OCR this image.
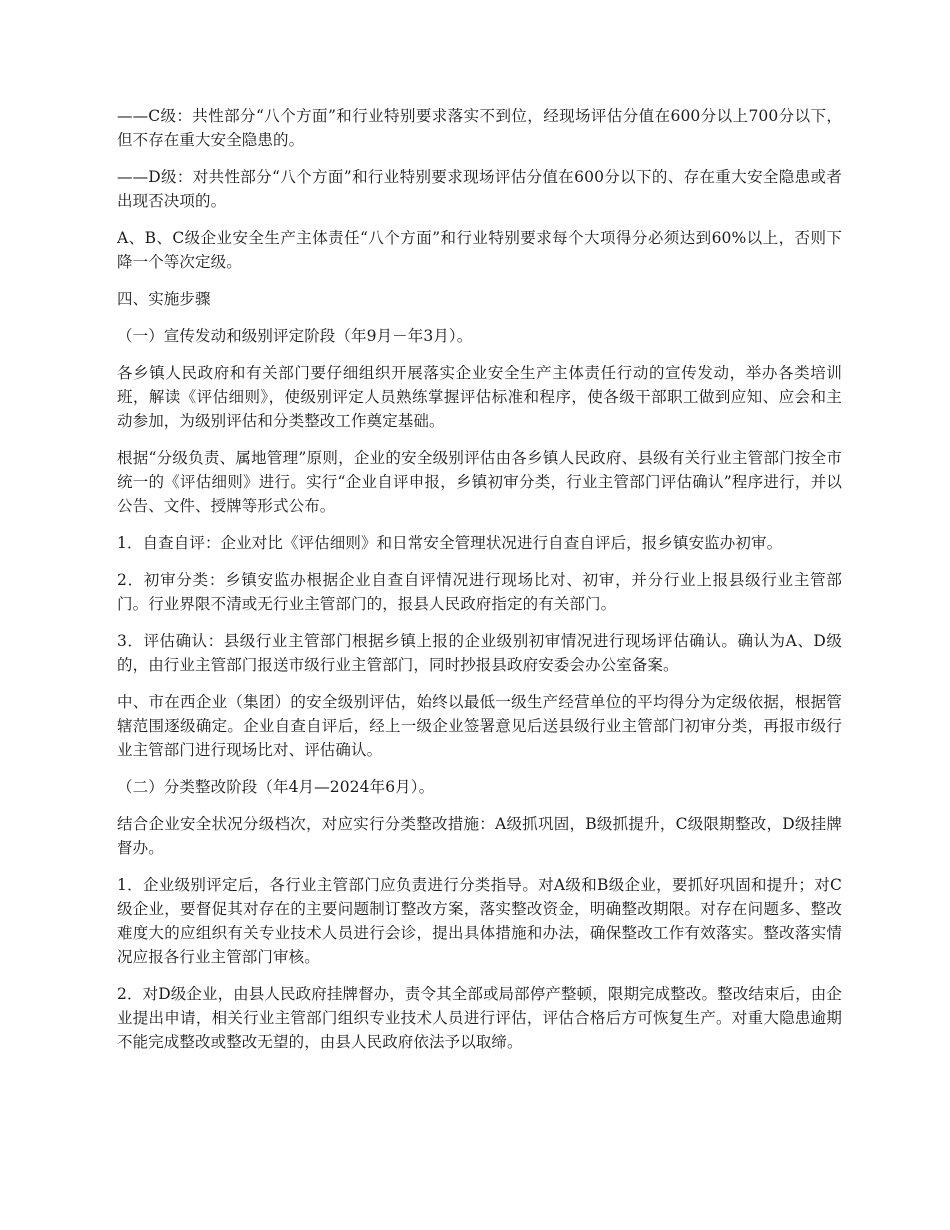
——C级：共性部分“八个方面”和行业特别要求落实不到位，经现场评估分值在600分以上700分以下，但不存在重大安全隐患的。

——D级：对共性部分“八个方面”和行业特别要求现场评估分值在600分以下的、存在重大安全隐患或者出现否决项的。

A、B、C级企业安全生产主体责任“八个方面”和行业特别要求每个大项得分必须达到60%以上，否则下降一个等次定级。

四、实施步骤

（一）宣传发动和级别评定阶段（年9月－年3月）。

各乡镇人民政府和有关部门要仔细组织开展落实企业安全生产主体责任行动的宣传发动，举办各类培训班，解读《评估细则》，使级别评定人员熟练掌握评估标准和程序，使各级干部职工做到应知、应会和主动参加，为级别评估和分类整改工作奠定基础。

根据“分级负责、属地管理”原则，企业的安全级别评估由各乡镇人民政府、县级有关行业主管部门按全市统一的《评估细则》进行。实行“企业自评申报，乡镇初审分类，行业主管部门评估确认”程序进行，并以公告、文件、授牌等形式公布。

1．自查自评：企业对比《评估细则》和日常安全管理状况进行自查自评后，报乡镇安监办初审。

2．初审分类：乡镇安监办根据企业自查自评情况进行现场比对、初审，并分行业上报县级行业主管部门。行业界限不清或无行业主管部门的，报县人民政府指定的有关部门。

3．评估确认：县级行业主管部门根据乡镇上报的企业级别初审情况进行现场评估确认。确认为A、D级的，由行业主管部门报送市级行业主管部门，同时抄报县政府安委会办公室备案。

中、市在西企业（集团）的安全级别评估，始终以最低一级生产经营单位的平均得分为定级依据，根据管辖范围逐级确定。企业自查自评后，经上一级企业签署意见后送县级行业主管部门初审分类，再报市级行业主管部门进行现场比对、评估确认。

（二）分类整改阶段（年4月—2024年6月）。

结合企业安全状况分级档次，对应实行分类整改措施：A级抓巩固，B级抓提升，C级限期整改，D级挂牌督办。

1．企业级别评定后，各行业主管部门应负责进行分类指导。对A级和B级企业，要抓好巩固和提升；对C级企业，要督促其对存在的主要问题制订整改方案，落实整改资金，明确整改期限。对存在问题多、整改难度大的应组织有关专业技术人员进行会诊，提出具体措施和办法，确保整改工作有效落实。整改落实情况应报各行业主管部门审核。

2．对D级企业，由县人民政府挂牌督办，责令其全部或局部停产整顿，限期完成整改。整改结束后，由企业提出申请，相关行业主管部门组织专业技术人员进行评估，评估合格后方可恢复生产。对重大隐患逾期不能完成整改或整改无望的，由县人民政府依法予以取缔。
